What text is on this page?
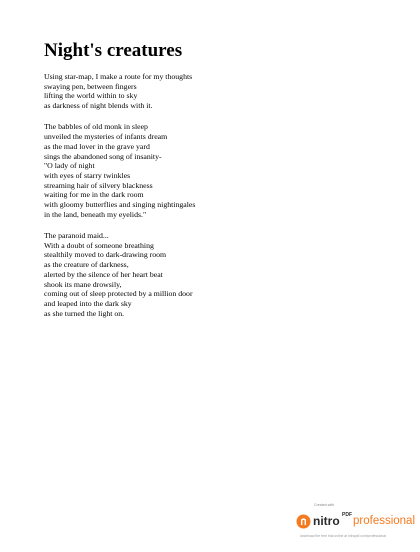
Night's creatures
Using star-map, I make a route for my thoughts
swaying pen, between fingers
lifting the world within to sky
as darkness of night blends with it.
The babbles of old monk in sleep
unveiled the mysteries of infants dream
as the mad lover in the grave yard
sings the abandoned song of insanity-
"O lady of night
with eyes of starry twinkles
streaming hair of silvery blackness
waiting for me in the dark room
with gloomy butterflies and singing nightingales
in the land, beneath my eyelids."
The paranoid maid...
With a doubt of someone breathing
stealthily moved to dark-drawing room
as the creature of darkness,
alerted by the silence of her heart beat
shook its mane drowsily,
coming out of sleep protected by a million door
and leaped into the dark sky
as she turned the light on.
Created with
nitro PDF professional
download the free trial online at nitropdf.com/professional
